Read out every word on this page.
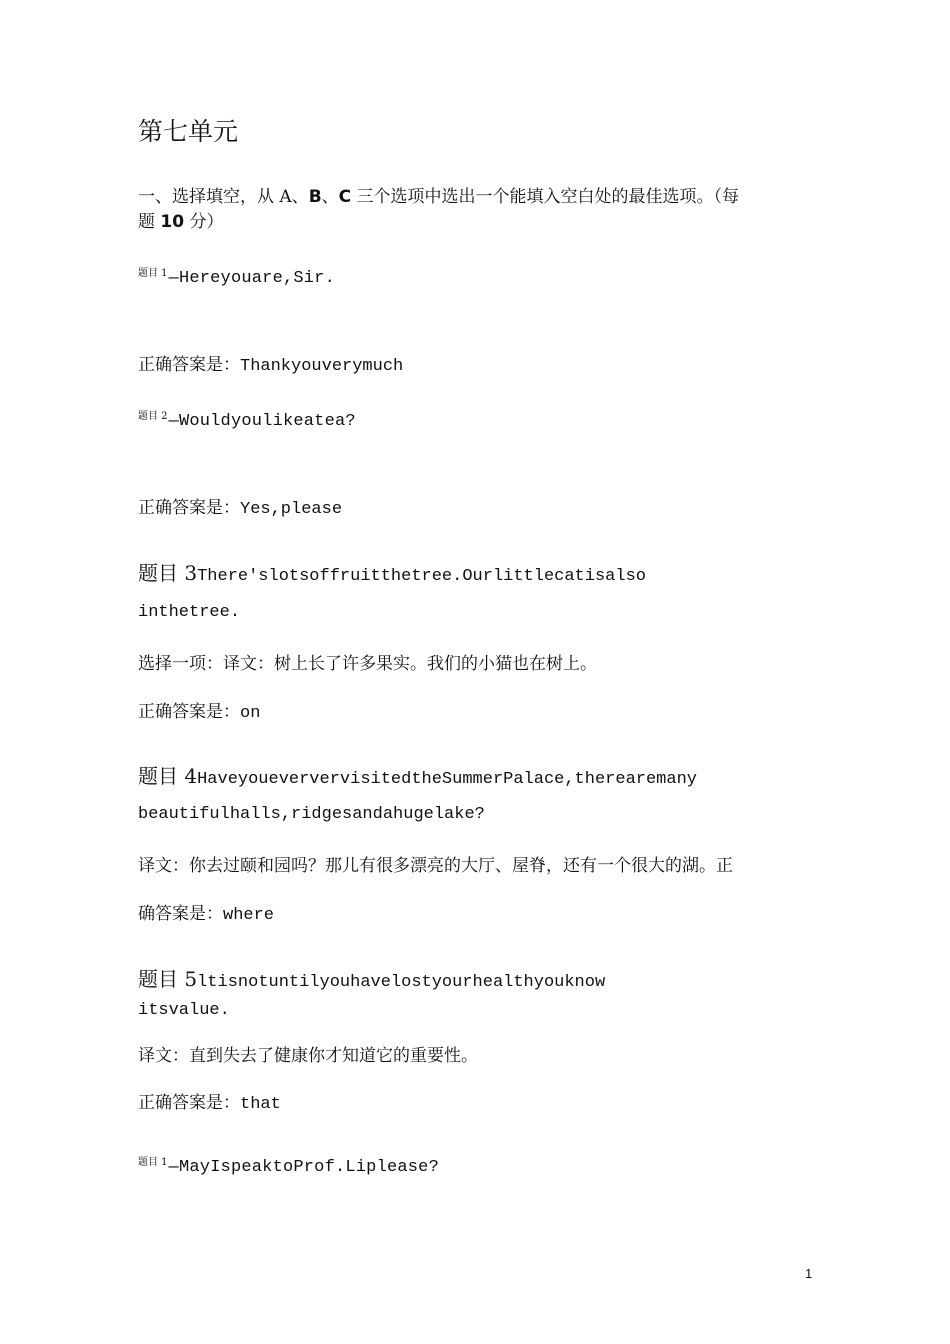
第七单元
一、选择填空，从 A、B、C 三个选项中选出一个能填入空白处的最佳选项。（每
题 10 分）
$^{题目 1}$—Hereyouare,Sir.
正确答案是：Thankyouverymuch
$^{题目 2}$—Wouldyoulikeatea?
正确答案是：Yes,please
题目 3There'slotsoffruitthetree.Ourlittlecatisalso
inthetree.
选择一项：译文：树上长了许多果实。我们的小猫也在树上。
正确答案是：on
题目 4HaveyoueververvisitedtheSummerPalace,therearemany
beautifulhalls,ridgesandahugelake?
译文：你去过颐和园吗？那儿有很多漂亮的大厅、屋脊，还有一个很大的湖。正
确答案是：where
题目 5ltisnotuntilyouhavelostyourhealthyouknow
itsvalue.
译文：直到失去了健康你才知道它的重要性。
正确答案是：that
$^{题目 1}$—MayIspeaktoProf.Liplease?
1
